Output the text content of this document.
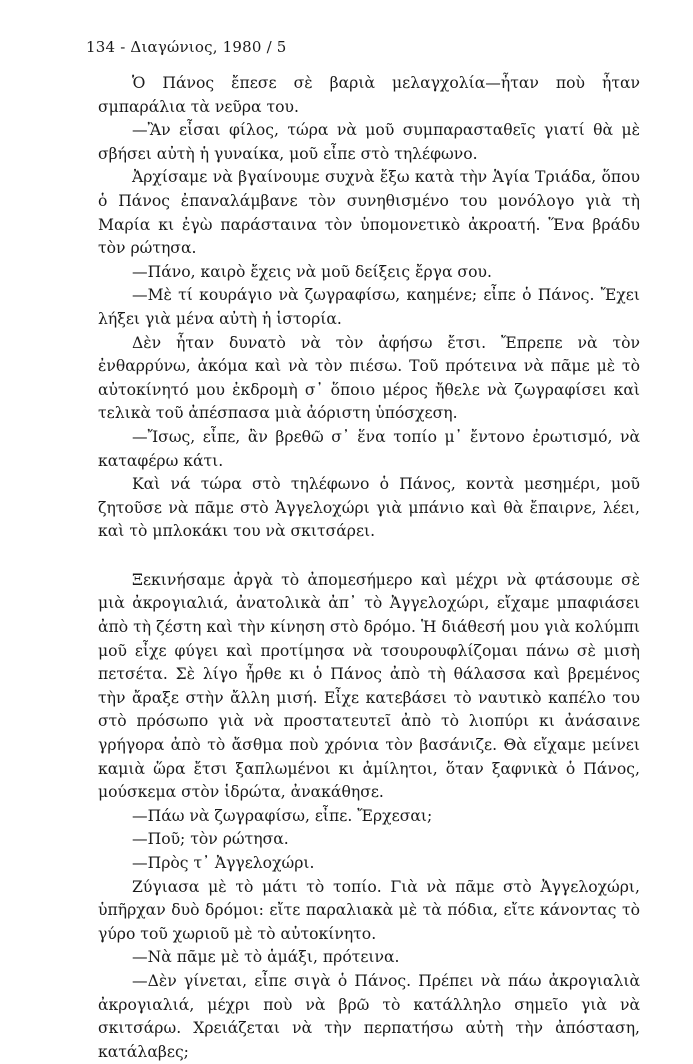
134 - Διαγώνιος, 1980 / 5

Ὁ Πάνος ἔπεσε σὲ βαριὰ μελαγχολία—ἦταν ποὺ ἦταν σμπαράλια τὰ νεῦρα του.

—Ἂν εἶσαι φίλος, τώρα νὰ μοῦ συμπαρασταθεῖς γιατί θὰ μὲ σβήσει αὐτὴ ἡ γυναίκα, μοῦ εἶπε στὸ τηλέφωνο.

Ἀρχίσαμε νὰ βγαίνουμε συχνὰ ἔξω κατὰ τὴν Ἁγία Τριάδα, ὅπου ὁ Πάνος ἐπαναλάμβανε τὸν συνηθισμένο του μονόλογο γιὰ τὴ Μαρία κι ἐγὼ παράσταινα τὸν ὑπομονετικὸ ἀκροατή. Ἕνα βράδυ τὸν ρώτησα.

—Πάνο, καιρὸ ἔχεις νὰ μοῦ δείξεις ἔργα σου.

—Μὲ τί κουράγιο νὰ ζωγραφίσω, καημένε; εἶπε ὁ Πάνος. Ἔχει λήξει γιὰ μένα αὐτὴ ἡ ἱστορία.

Δὲν ἦταν δυνατὸ νὰ τὸν ἀφήσω ἔτσι. Ἔπρεπε νὰ τὸν ἐνθαρρύνω, ἀκόμα καὶ νὰ τὸν πιέσω. Τοῦ πρότεινα νὰ πᾶμε μὲ τὸ αὐτοκίνητό μου ἐκδρομὴ σ᾿ ὅποιο μέρος ἤθελε νὰ ζωγραφίσει καὶ τελικὰ τοῦ ἀπέσπασα μιὰ ἀόριστη ὑπόσχεση.

—Ἴσως, εἶπε, ἂν βρεθῶ σ᾿ ἕνα τοπίο μ᾿ ἔντονο ἐρωτισμό, νὰ καταφέρω κάτι.

Καὶ νά τώρα στὸ τηλέφωνο ὁ Πάνος, κοντὰ μεσημέρι, μοῦ ζητοῦσε νὰ πᾶμε στὸ Ἀγγελοχώρι γιὰ μπάνιο καὶ θὰ ἔπαιρνε, λέει, καὶ τὸ μπλοκάκι του νὰ σκιτσάρει.

Ξεκινήσαμε ἀργὰ τὸ ἀπομεσήμερο καὶ μέχρι νὰ φτάσουμε σὲ μιὰ ἀκρογιαλιά, ἀνατολικὰ ἀπ᾿ τὸ Ἀγγελοχώρι, εἴχαμε μπαφιάσει ἀπὸ τὴ ζέστη καὶ τὴν κίνηση στὸ δρόμο. Ἡ διάθεσή μου γιὰ κολύμπι μοῦ εἶχε φύγει καὶ προτίμησα νὰ τσουρουφλίζομαι πάνω σὲ μισὴ πετσέτα. Σὲ λίγο ἦρθε κι ὁ Πάνος ἀπὸ τὴ θάλασσα καὶ βρεμένος τὴν ἄραξε στὴν ἄλλη μισή. Εἶχε κατεβάσει τὸ ναυτικὸ καπέλο του στὸ πρόσωπο γιὰ νὰ προστατευτεῖ ἀπὸ τὸ λιοπύρι κι ἀνάσαινε γρήγορα ἀπὸ τὸ ἄσθμα ποὺ χρόνια τὸν βασάνιζε. Θὰ εἴχαμε μείνει καμιὰ ὥρα ἔτσι ξαπλωμένοι κι ἀμίλητοι, ὅταν ξαφνικὰ ὁ Πάνος, μούσκεμα στὸν ἱδρώτα, ἀνακάθησε.

—Πάω νὰ ζωγραφίσω, εἶπε. Ἔρχεσαι;

—Ποῦ; τὸν ρώτησα.

—Πρὸς τ᾿ Ἀγγελοχώρι.

Ζύγιασα μὲ τὸ μάτι τὸ τοπίο. Γιὰ νὰ πᾶμε στὸ Ἀγγελοχώρι, ὑπῆρχαν δυὸ δρόμοι: εἴτε παραλιακὰ μὲ τὰ πόδια, εἴτε κάνοντας τὸ γύρο τοῦ χωριοῦ μὲ τὸ αὐτοκίνητο.

—Νὰ πᾶμε μὲ τὸ ἁμάξι, πρότεινα.

—Δὲν γίνεται, εἶπε σιγὰ ὁ Πάνος. Πρέπει νὰ πάω ἀκρογιαλιὰ ἀκρογιαλιά, μέχρι ποὺ νὰ βρῶ τὸ κατάλληλο σημεῖο γιὰ νὰ σκιτσάρω. Χρειάζεται νὰ τὴν περπατήσω αὐτὴ τὴν ἀπόσταση, κατάλαβες;
